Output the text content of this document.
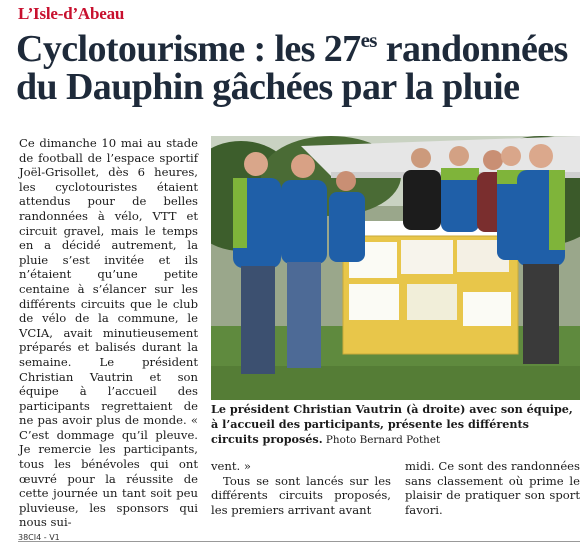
L’Isle-d’Abeau
Cyclotourisme : les $27^{es}$ randonnées du Dauphin gâchées par la pluie
Ce dimanche 10 mai au stade de football de l’espace sportif Joël-Grisollet, dès 6 heures, les cyclotouristes étaient attendus pour de belles randonnées à vélo, VTT et circuit gravel, mais le temps en a décidé autrement, la pluie s’est invitée et ils n’étaient qu’une petite centaine à s’élancer sur les différents circuits que le club de vélo de la commune, le VCIA, avait minutieusement préparés et balisés durant la semaine. Le président Christian Vautrin et son équipe à l’accueil des participants regrettaient de ne pas avoir plus de monde. « C’est dommage qu’il pleuve. Je remercie les participants, tous les bénévoles qui ont œuvré pour la réussite de cette journée un tant soit peu pluvieuse, les sponsors qui nous sui-
Le président Christian Vautrin (à droite) avec son équipe, à l’accueil des participants, présente les différents circuits proposés. Photo Bernard Pothet

vent. »

Tous se sont lancés sur les différents circuits proposés, les premiers arrivant avant

midi. Ce sont des randonnées sans classement où prime le plaisir de pratiquer son sport favori.

38CI4 - V1
